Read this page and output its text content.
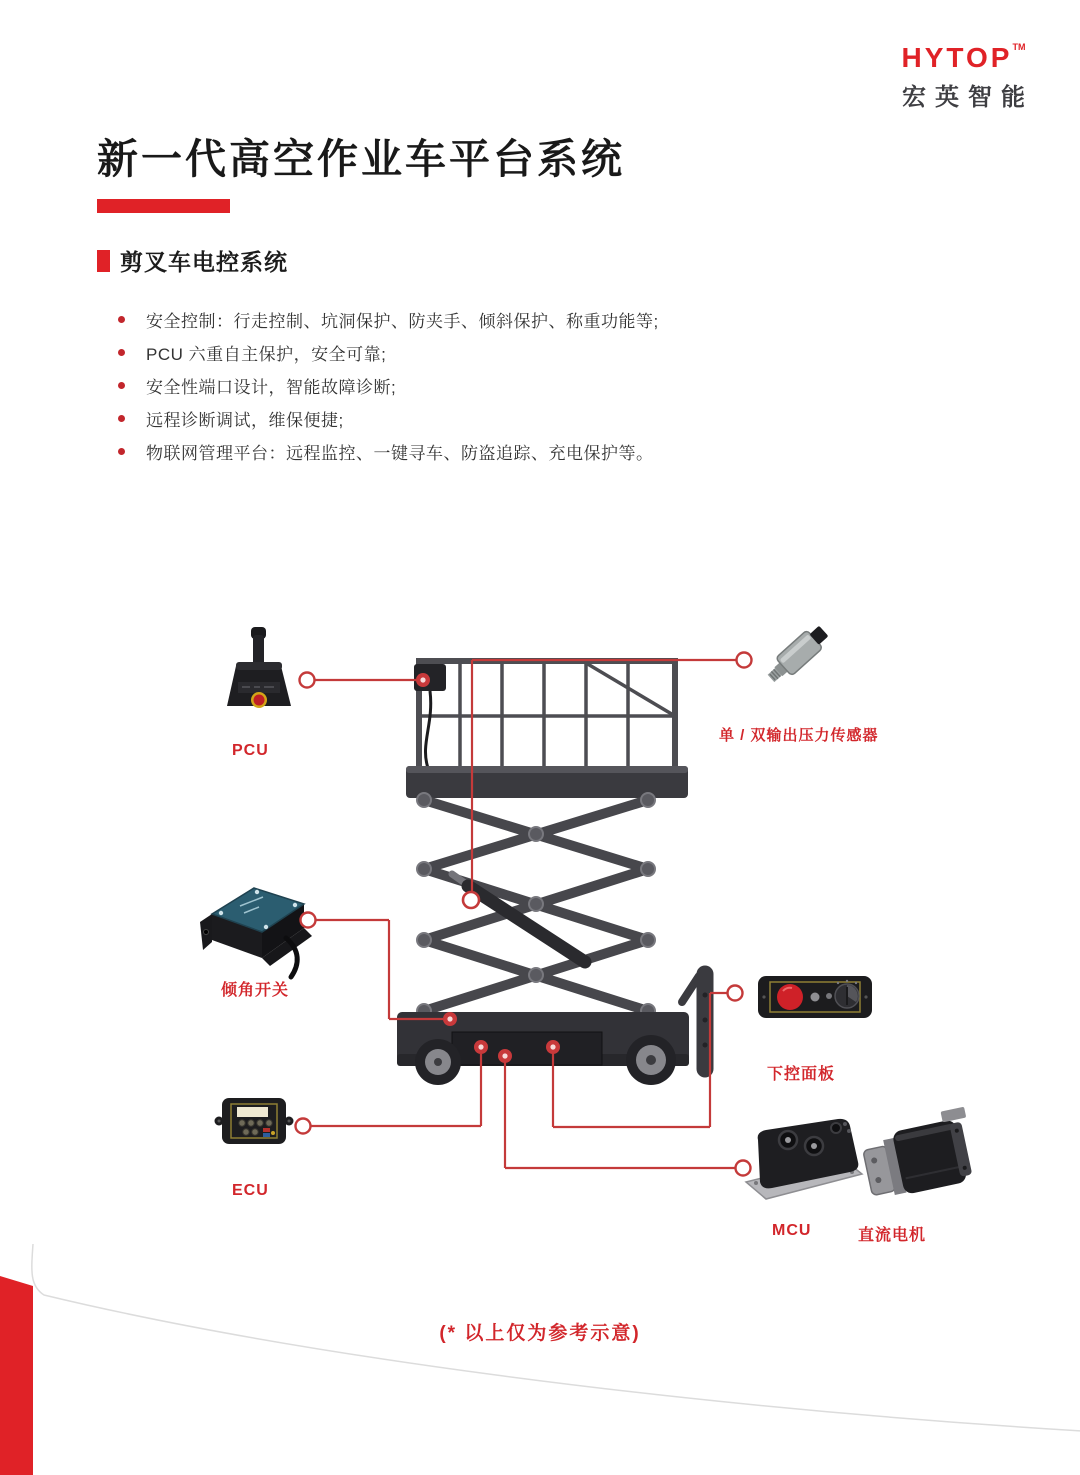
HYTOP™
宏英智能
新一代高空作业车平台系统
剪叉车电控系统
安全控制：行走控制、坑洞保护、防夹手、倾斜保护、称重功能等;
PCU 六重自主保护，安全可靠;
安全性端口设计，智能故障诊断;
远程诊断调试，维保便捷;
物联网管理平台：远程监控、一键寻车、防盗追踪、充电保护等。
PCU
单 / 双输出压力传感器
倾角开关
ECU
下控面板
MCU	直流电机
(* 以上仅为参考示意)
